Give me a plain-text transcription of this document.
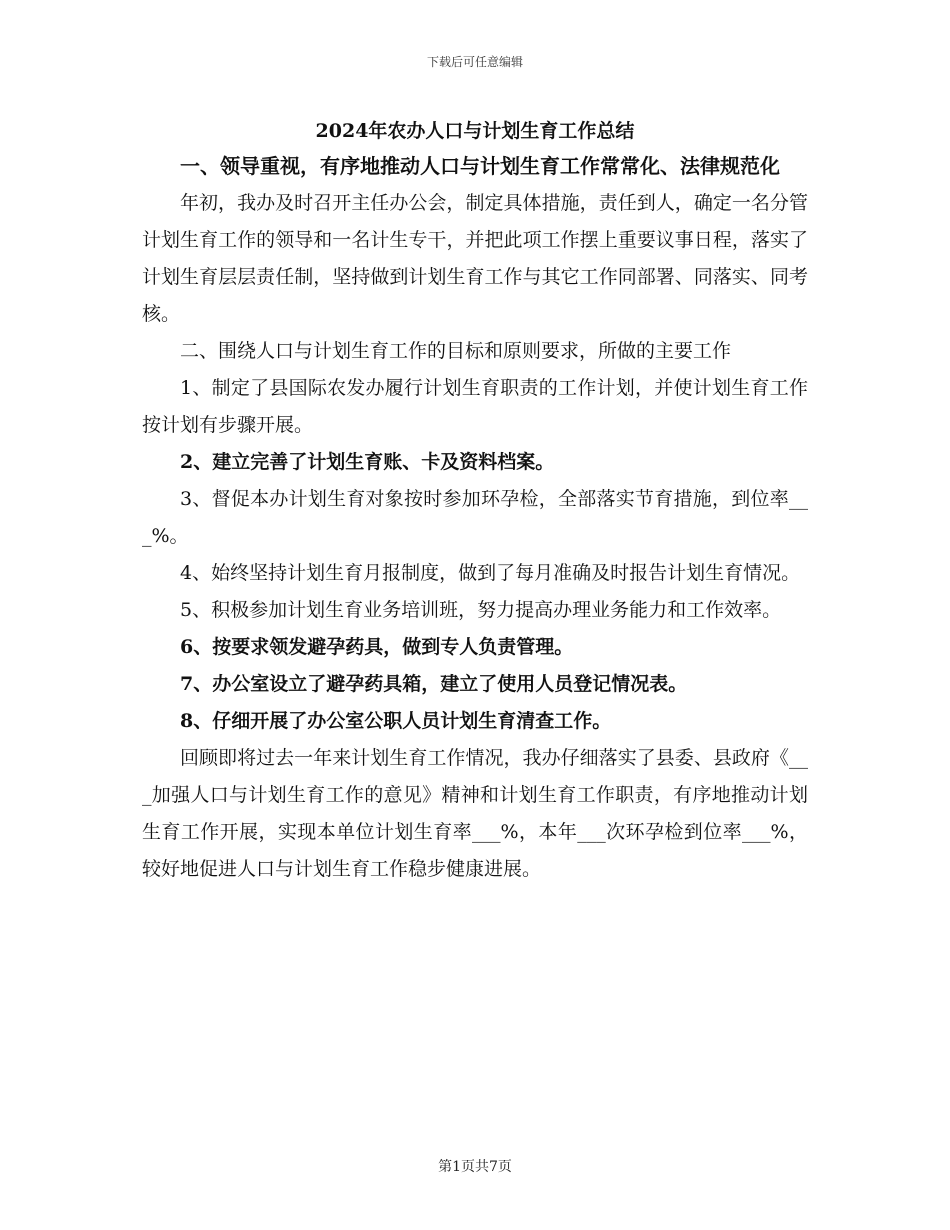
下载后可任意编辑
2024年农办人口与计划生育工作总结

一、领导重视，有序地推动人口与计划生育工作常常化、法律规范化

年初，我办及时召开主任办公会，制定具体措施，责任到人，确定一名分管计划生育工作的领导和一名计生专干，并把此项工作摆上重要议事日程，落实了计划生育层层责任制，坚持做到计划生育工作与其它工作同部署、同落实、同考核。

二、围绕人口与计划生育工作的目标和原则要求，所做的主要工作

1、制定了县国际农发办履行计划生育职责的工作计划，并使计划生育工作按计划有步骤开展。

2、建立完善了计划生育账、卡及资料档案。

3、督促本办计划生育对象按时参加环孕检，全部落实节育措施，到位率___%。

4、始终坚持计划生育月报制度，做到了每月准确及时报告计划生育情况。

5、积极参加计划生育业务培训班，努力提高办理业务能力和工作效率。

6、按要求领发避孕药具，做到专人负责管理。

7、办公室设立了避孕药具箱，建立了使用人员登记情况表。

8、仔细开展了办公室公职人员计划生育清查工作。

回顾即将过去一年来计划生育工作情况，我办仔细落实了县委、县政府《___加强人口与计划生育工作的意见》精神和计划生育工作职责，有序地推动计划生育工作开展，实现本单位计划生育率___%，本年___次环孕检到位率___%，较好地促进人口与计划生育工作稳步健康进展。

第1页共7页
